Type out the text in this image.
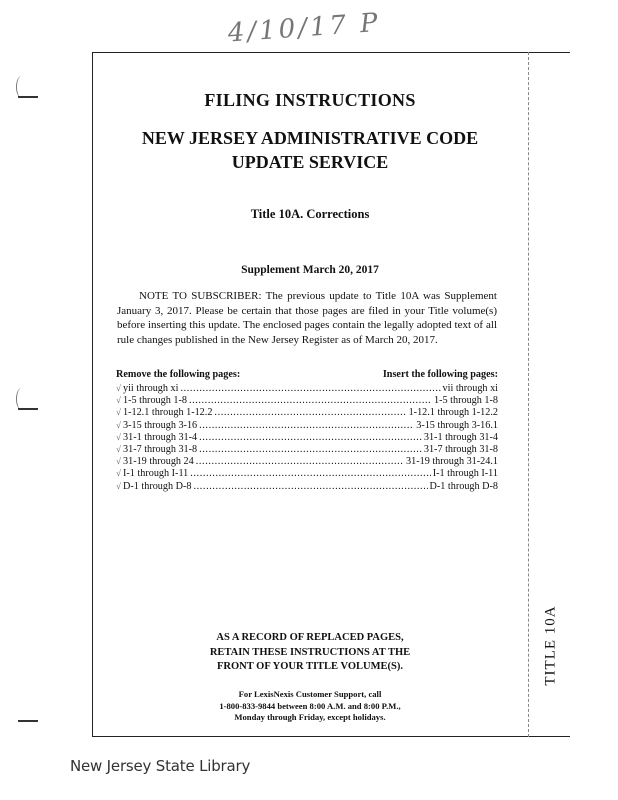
4/10/17 P
TITLE 10A
FILING INSTRUCTIONS
NEW JERSEY ADMINISTRATIVE CODE
UPDATE SERVICE
Title 10A. Corrections
Supplement March 20, 2017
NOTE TO SUBSCRIBER: The previous update to Title 10A was Supplement January 3, 2017. Please be certain that those pages are filed in your Title volume(s) before inserting this update. The enclosed pages contain the legally adopted text of all rule changes published in the New Jersey Register as of March 20, 2017.
Remove the following pages:	Insert the following pages:
√ yii through xi .....	vii through xi
√ 1-5 through 1-8 .....	1-5 through 1-8
√ 1-12.1 through 1-12.2 .....	1-12.1 through 1-12.2
√ 3-15 through 3-16 .....	3-15 through 3-16.1
√ 31-1 through 31-4 .....	31-1 through 31-4
√ 31-7 through 31-8 .....	31-7 through 31-8
√ 31-19 through 24 .....	31-19 through 31-24.1
√ I-1 through I-11 .....	I-1 through I-11
√ D-1 through D-8 .....	D-1 through D-8
AS A RECORD OF REPLACED PAGES,
RETAIN THESE INSTRUCTIONS AT THE
FRONT OF YOUR TITLE VOLUME(S).
For LexisNexis Customer Support, call
1-800-833-9844 between 8:00 A.M. and 8:00 P.M.,
Monday through Friday, except holidays.
New Jersey State Library
